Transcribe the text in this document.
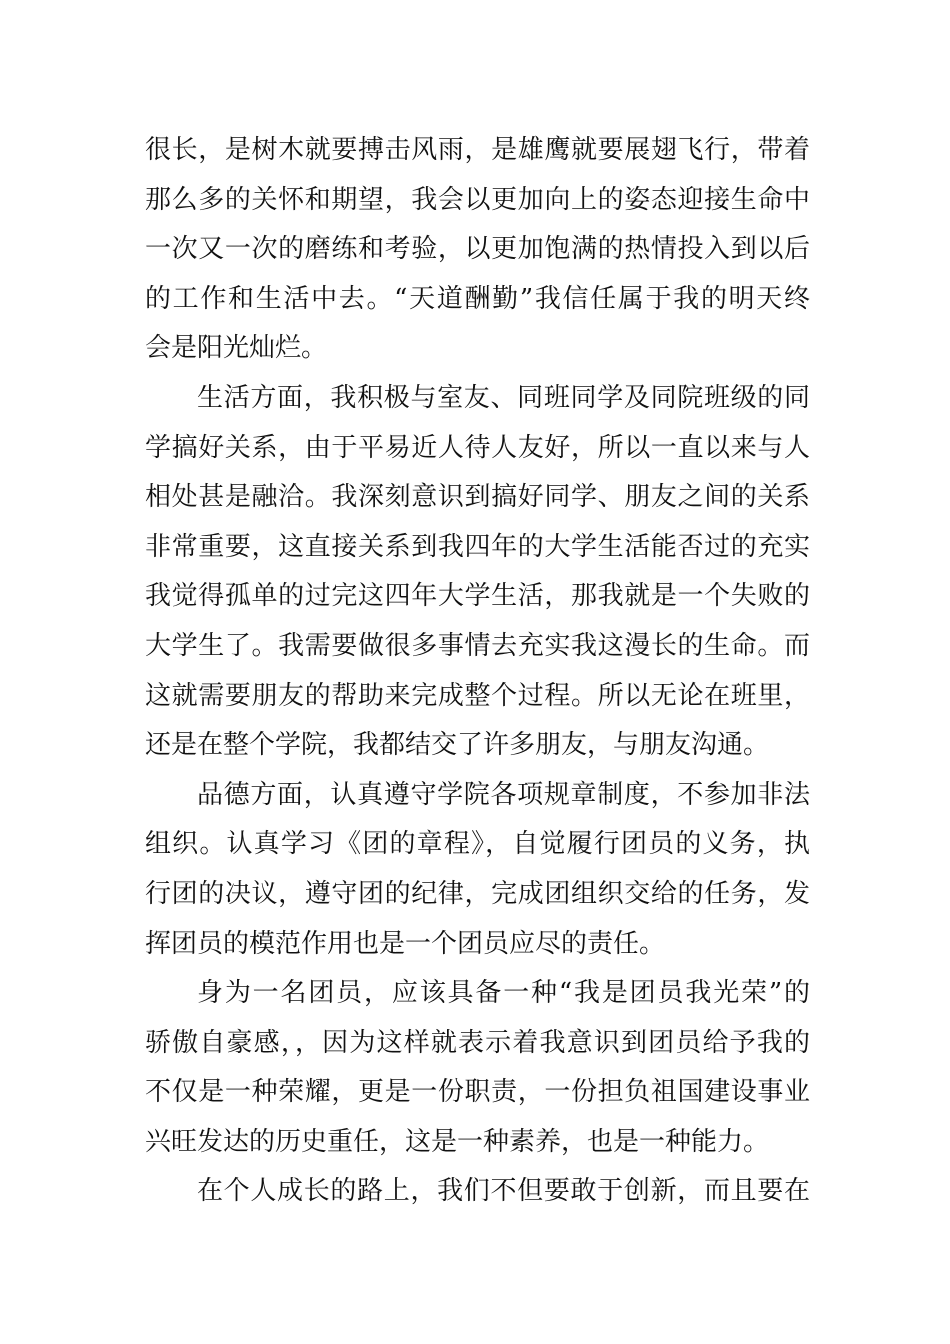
很长，是树木就要搏击风雨，是雄鹰就要展翅飞行，带着
那么多的关怀和期望，我会以更加向上的姿态迎接生命中
一次又一次的磨练和考验，以更加饱满的热情投入到以后
的工作和生活中去。“天道酬勤”我信任属于我的明天终
会是阳光灿烂。
生活方面，我积极与室友、同班同学及同院班级的同
学搞好关系，由于平易近人待人友好，所以一直以来与人
相处甚是融洽。我深刻意识到搞好同学、朋友之间的关系
非常重要，这直接关系到我四年的大学生活能否过的充实
我觉得孤单的过完这四年大学生活，那我就是一个失败的
大学生了。我需要做很多事情去充实我这漫长的生命。而
这就需要朋友的帮助来完成整个过程。所以无论在班里，
还是在整个学院，我都结交了许多朋友，与朋友沟通。
品德方面，认真遵守学院各项规章制度，不参加非法
组织。认真学习《团的章程》，自觉履行团员的义务，执
行团的决议，遵守团的纪律，完成团组织交给的任务，发
挥团员的模范作用也是一个团员应尽的责任。
身为一名团员，应该具备一种“我是团员我光荣”的
骄傲自豪感，，因为这样就表示着我意识到团员给予我的
不仅是一种荣耀，更是一份职责，一份担负祖国建设事业
兴旺发达的历史重任，这是一种素养，也是一种能力。
在个人成长的路上，我们不但要敢于创新，而且要在
